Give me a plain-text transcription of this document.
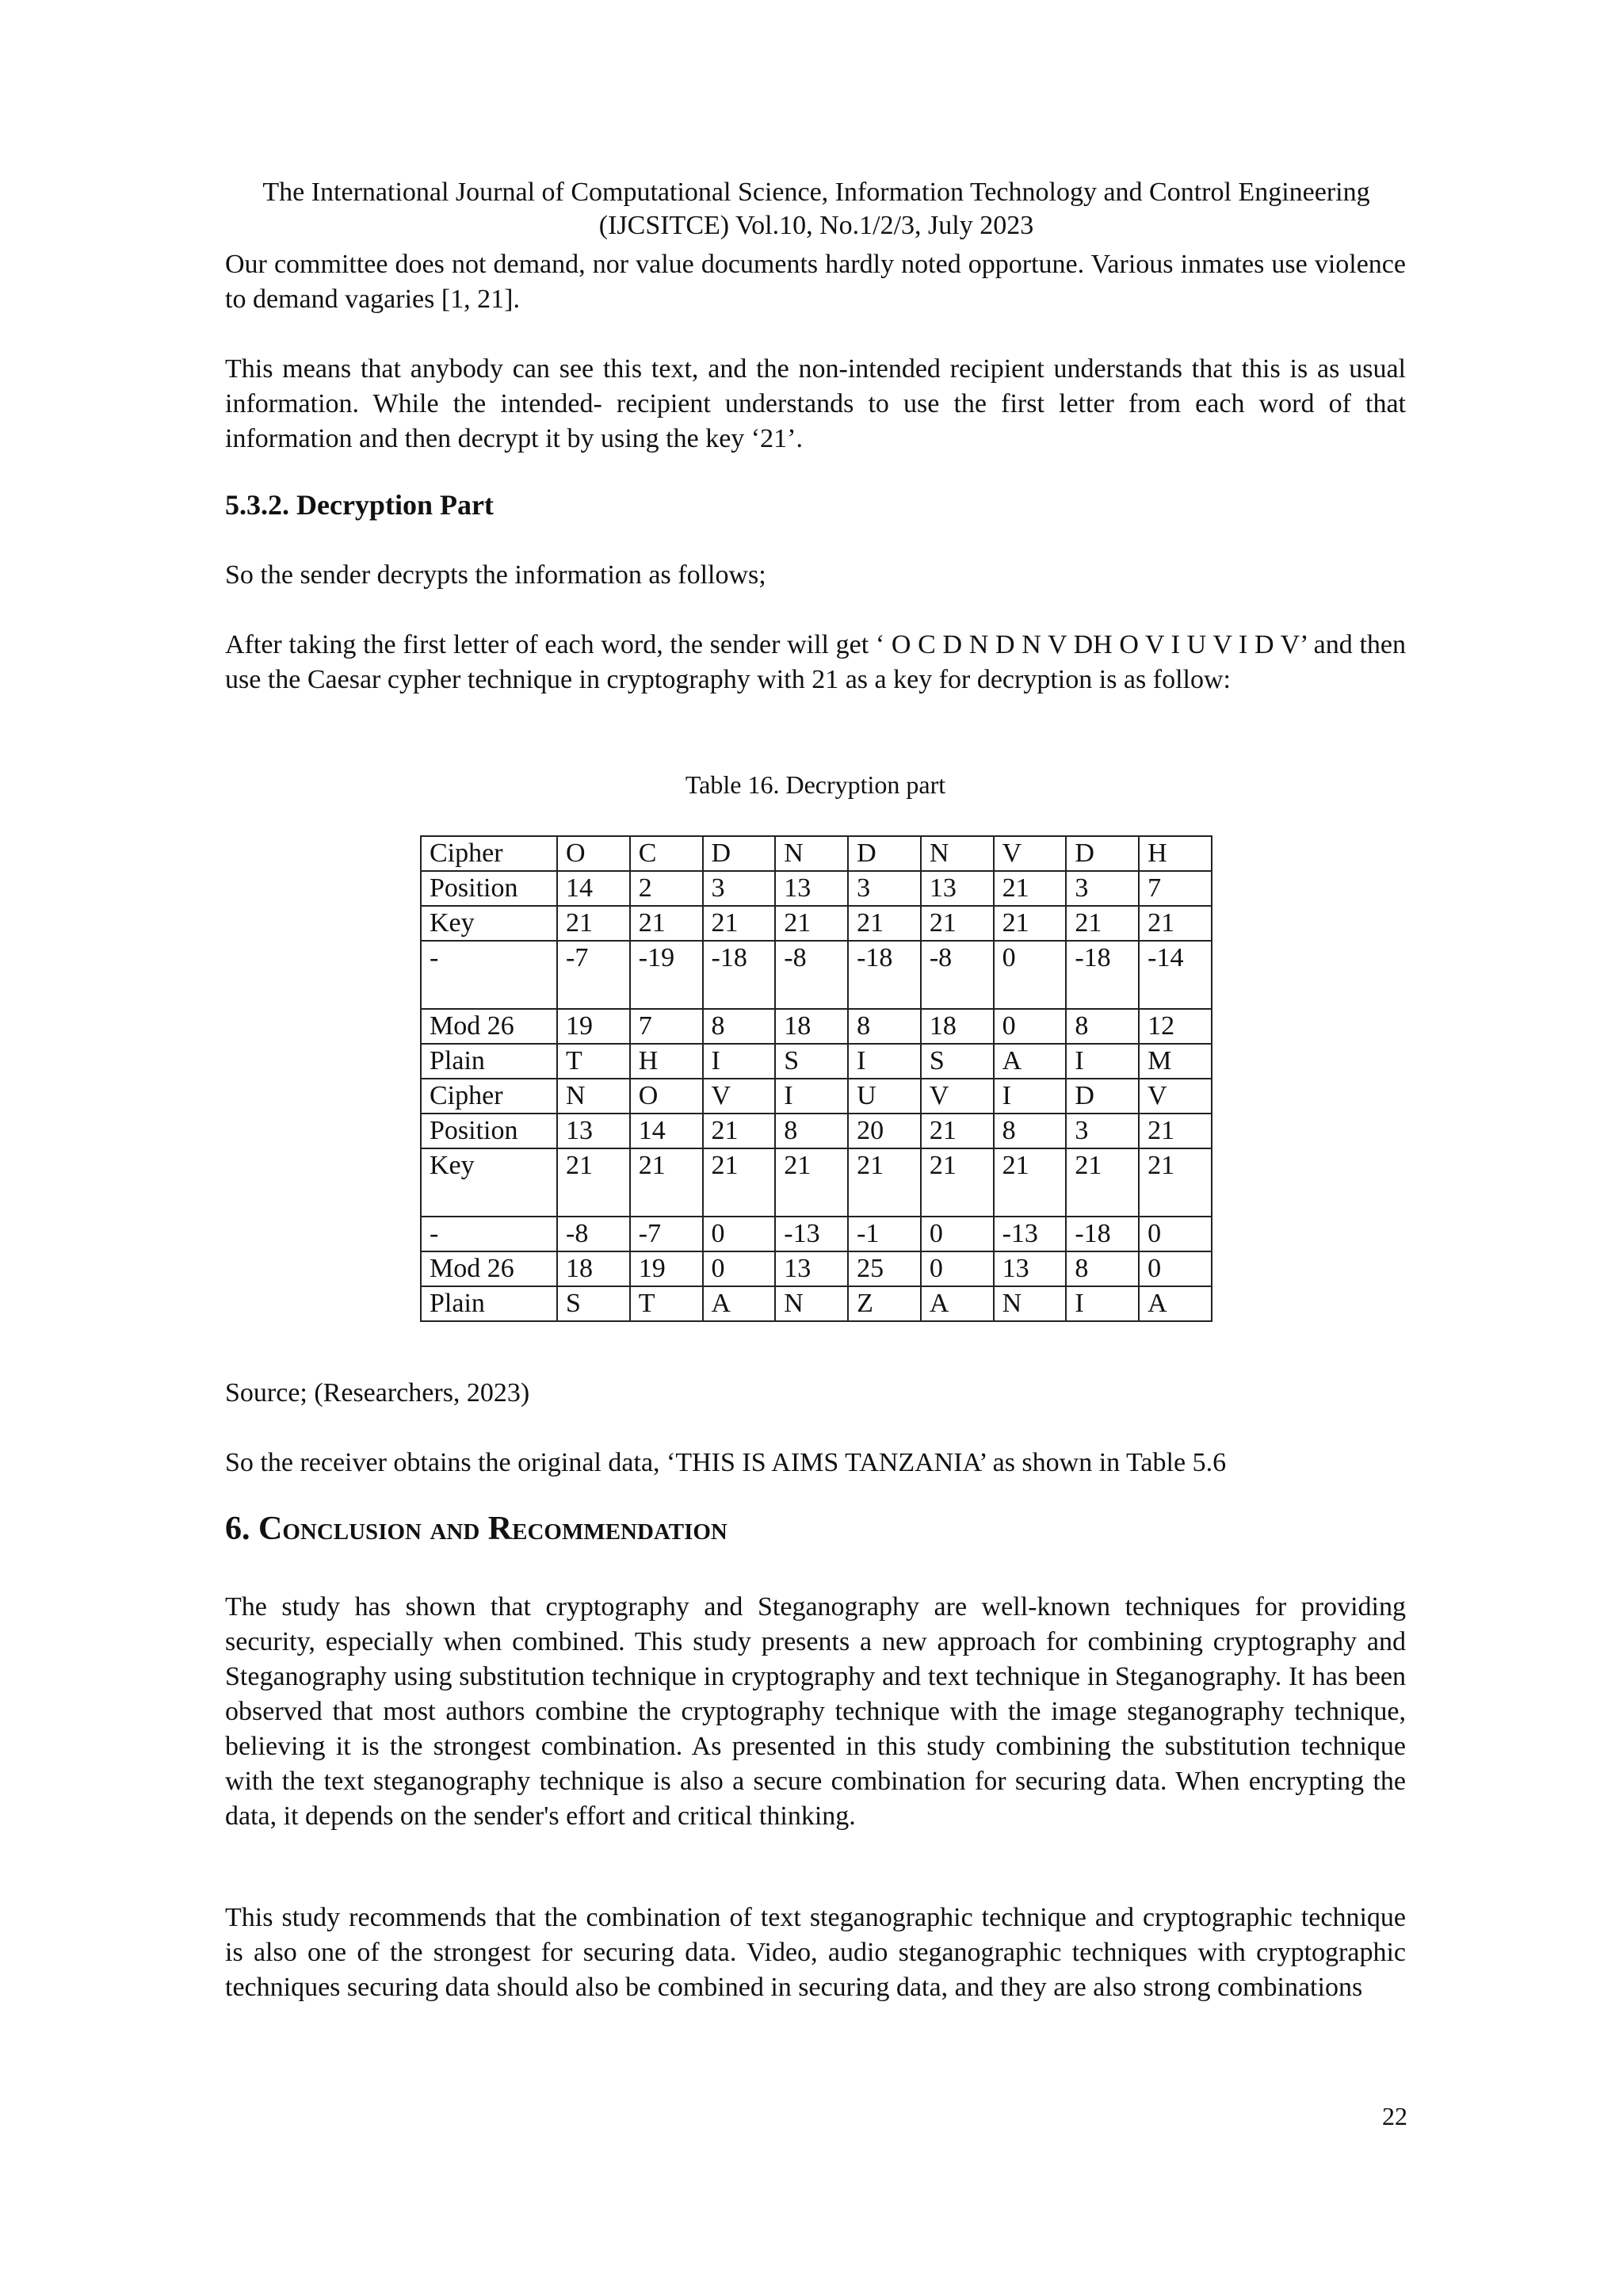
The International Journal of Computational Science, Information Technology and Control Engineering
(IJCSITCE) Vol.10, No.1/2/3, July 2023

Our committee does not demand, nor value documents hardly noted opportune. Various inmates use violence to demand vagaries [1, 21].

This means that anybody can see this text, and the non-intended recipient understands that this is as usual information. While the intended- recipient understands to use the first letter from each word of that information and then decrypt it by using the key ‘21’.

5.3.2. Decryption Part

So the sender decrypts the information as follows;

After taking the first letter of each word, the sender will get ‘ O C D N D N V DH O V I U V I D V’ and then use the Caesar cypher technique in cryptography with 21 as a key for decryption is as follow:

Table 16. Decryption part
Cipher	O	C	D	N	D	N	V	D	H
Position	14	2	3	13	3	13	21	3	7
Key	21	21	21	21	21	21	21	21	21
-	-7	-19	-18	-8	-18	-8	0	-18	-14
Mod 26	19	7	8	18	8	18	0	8	12
Plain	T	H	I	S	I	S	A	I	M
Cipher	N	O	V	I	U	V	I	D	V
Position	13	14	21	8	20	21	8	3	21
Key	21	21	21	21	21	21	21	21	21
-	-8	-7	0	-13	-1	0	-13	-18	0
Mod 26	18	19	0	13	25	0	13	8	0
Plain	S	T	A	N	Z	A	N	I	A

Source; (Researchers, 2023)

So the receiver obtains the original data, ‘THIS IS AIMS TANZANIA’ as shown in Table 5.6

6. Conclusion and Recommendation

The study has shown that cryptography and Steganography are well-known techniques for providing security, especially when combined. This study presents a new approach for combining cryptography and Steganography using substitution technique in cryptography and text technique in Steganography. It has been observed that most authors combine the cryptography technique with the image steganography technique, believing it is the strongest combination. As presented in this study combining the substitution technique with the text steganography technique is also a secure combination for securing data. When encrypting the data, it depends on the sender's effort and critical thinking.

This study recommends that the combination of text steganographic technique and cryptographic technique is also one of the strongest for securing data. Video, audio steganographic techniques with cryptographic techniques securing data should also be combined in securing data, and they are also strong combinations

22
